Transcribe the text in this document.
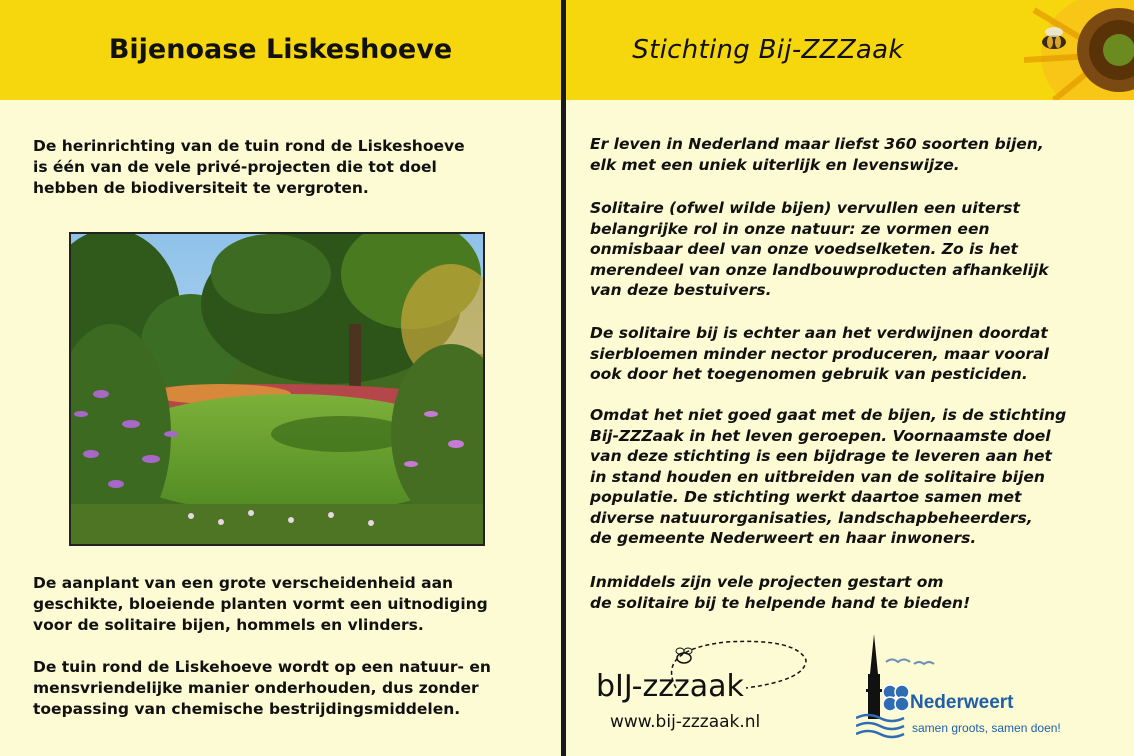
Bijenoase Liskeshoeve

De herinrichting van de tuin rond de Liskeshoeve
is één van de vele privé-projecten die tot doel
hebben de biodiversiteit te vergroten.

De aanplant van een grote verscheidenheid aan
geschikte, bloeiende planten vormt een uitnodiging
voor de solitaire bijen, hommels en vlinders.

De tuin rond de Liskehoeve wordt op een natuur- en
mensvriendelijke manier onderhouden, dus zonder
toepassing van chemische bestrijdingsmiddelen.

Stichting Bij-ZZZaak

Er leven in Nederland maar liefst 360 soorten bijen,
elk met een uniek uiterlijk en levenswijzе.

Solitaire (ofwel wilde bijen) vervullen een uiterst
belangrijke rol in onze natuur: ze vormen een
onmisbaar deel van onze voedselketen. Zo is het
merendeel van onze landbouwproducten afhankelijk
van deze bestuivers.

De solitaire bij is echter aan het verdwijnen doordat
sierbloemen minder nector produceren, maar vooral
ook door het toegenomen gebruik van pesticiden.

Omdat het niet goed gaat met de bijen, is de stichting
Bij-ZZZaak in het leven geroepen. Voornaamste doel
van deze stichting is een bijdrage te leveren aan het
in stand houden en uitbreiden van de solitaire bijen
populatie. De stichting werkt daartoe samen met
diverse natuurorganisaties, landschapbeheerders,
de gemeente Nederweert en haar inwoners.

Inmiddels zijn vele projecten gestart om
de solitaire bij te helpende hand te bieden!

bIJ-zzzaak
www.bij-zzzaak.nl
Nederweert
samen groots, samen doen!
